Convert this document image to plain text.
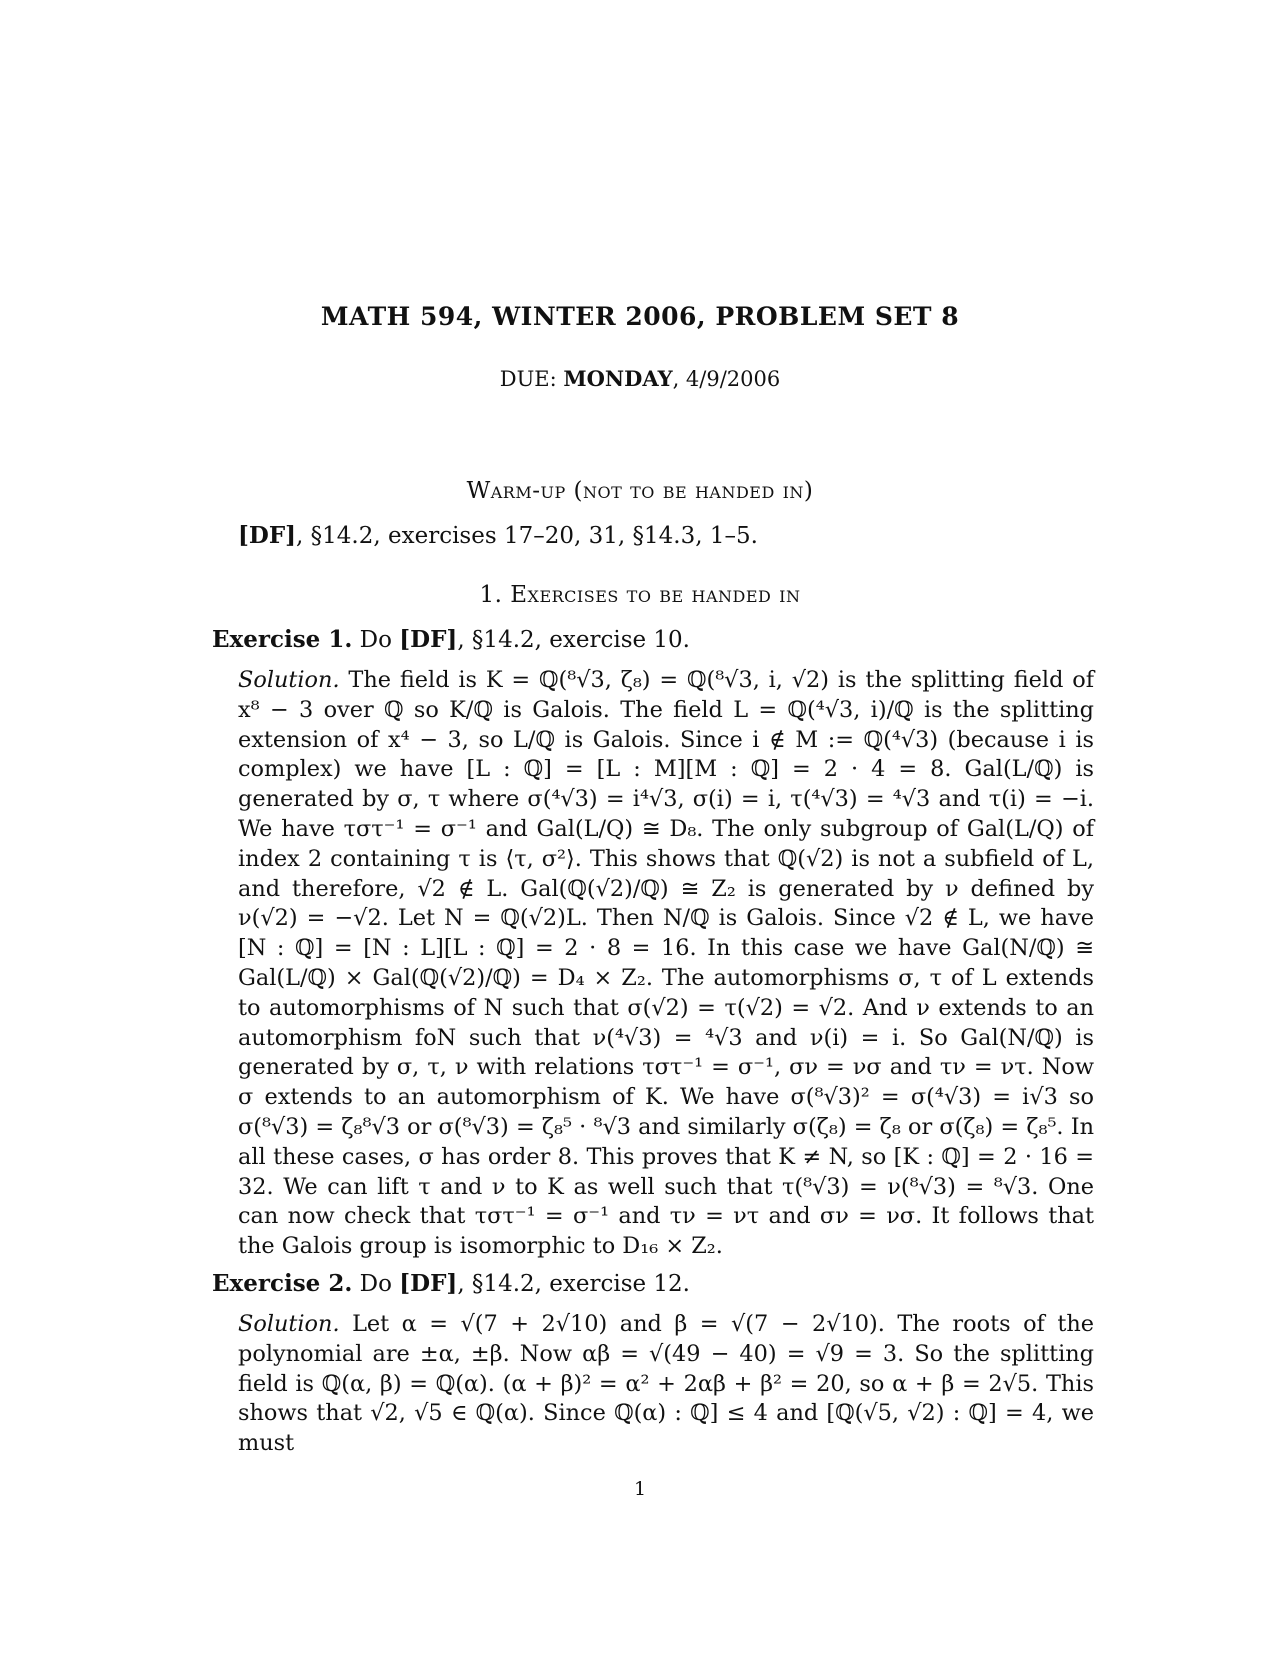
MATH 594, WINTER 2006, PROBLEM SET 8
DUE: MONDAY, 4/9/2006
Warm-up (not to be handed in)
[DF], §14.2, exercises 17–20, 31, §14.3, 1–5.
1. Exercises to be handed in
Exercise 1. Do [DF], §14.2, exercise 10.
Solution. The field is K = ℚ(⁸√3, ζ₈) = ℚ(⁸√3, i, √2) is the splitting field of x⁸ − 3 over ℚ so K/ℚ is Galois. The field L = ℚ(⁴√3, i)/ℚ is the splitting extension of x⁴ − 3, so L/ℚ is Galois. Since i ∉ M := ℚ(⁴√3) (because i is complex) we have [L : ℚ] = [L : M][M : ℚ] = 2 · 4 = 8. Gal(L/ℚ) is generated by σ, τ where σ(⁴√3) = i⁴√3, σ(i) = i, τ(⁴√3) = ⁴√3 and τ(i) = −i. We have τστ⁻¹ = σ⁻¹ and Gal(L/Q) ≅ D₈. The only subgroup of Gal(L/Q) of index 2 containing τ is ⟨τ, σ²⟩. This shows that ℚ(√2) is not a subfield of L, and therefore, √2 ∉ L. Gal(ℚ(√2)/ℚ) ≅ Z₂ is generated by ν defined by ν(√2) = −√2. Let N = ℚ(√2)L. Then N/ℚ is Galois. Since √2 ∉ L, we have [N : ℚ] = [N : L][L : ℚ] = 2 · 8 = 16. In this case we have Gal(N/ℚ) ≅ Gal(L/ℚ) × Gal(ℚ(√2)/ℚ) = D₄ × Z₂. The automorphisms σ, τ of L extends to automorphisms of N such that σ(√2) = τ(√2) = √2. And ν extends to an automorphism foN such that ν(⁴√3) = ⁴√3 and ν(i) = i. So Gal(N/ℚ) is generated by σ, τ, ν with relations τστ⁻¹ = σ⁻¹, σν = νσ and τν = ντ. Now σ extends to an automorphism of K. We have σ(⁸√3)² = σ(⁴√3) = i√3 so σ(⁸√3) = ζ₈⁸√3 or σ(⁸√3) = ζ₈⁵ · ⁸√3 and similarly σ(ζ₈) = ζ₈ or σ(ζ₈) = ζ₈⁵. In all these cases, σ has order 8. This proves that K ≠ N, so [K : ℚ] = 2 · 16 = 32. We can lift τ and ν to K as well such that τ(⁸√3) = ν(⁸√3) = ⁸√3. One can now check that τστ⁻¹ = σ⁻¹ and τν = ντ and σν = νσ. It follows that the Galois group is isomorphic to D₁₆ × Z₂.
Exercise 2. Do [DF], §14.2, exercise 12.
Solution. Let α = √(7 + 2√10) and β = √(7 − 2√10). The roots of the polynomial are ±α, ±β. Now αβ = √(49 − 40) = √9 = 3. So the splitting field is ℚ(α, β) = ℚ(α). (α + β)² = α² + 2αβ + β² = 20, so α + β = 2√5. This shows that √2, √5 ∈ ℚ(α). Since ℚ(α) : ℚ] ≤ 4 and [ℚ(√5, √2) : ℚ] = 4, we must
1
